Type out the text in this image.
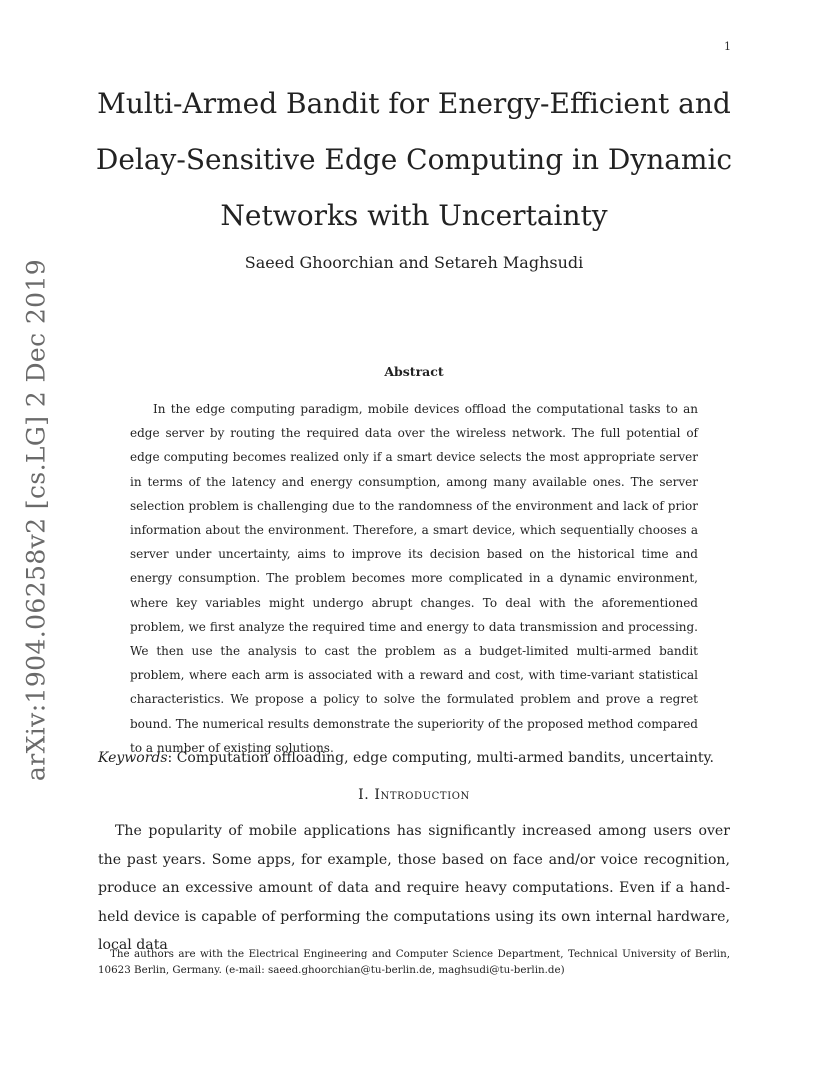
1
arXiv:1904.06258v2 [cs.LG] 2 Dec 2019
Multi-Armed Bandit for Energy-Efficient and Delay-Sensitive Edge Computing in Dynamic Networks with Uncertainty
Saeed Ghoorchian and Setareh Maghsudi
Abstract

In the edge computing paradigm, mobile devices offload the computational tasks to an edge server by routing the required data over the wireless network. The full potential of edge computing becomes realized only if a smart device selects the most appropriate server in terms of the latency and energy consumption, among many available ones. The server selection problem is challenging due to the randomness of the environment and lack of prior information about the environment. Therefore, a smart device, which sequentially chooses a server under uncertainty, aims to improve its decision based on the historical time and energy consumption. The problem becomes more complicated in a dynamic environment, where key variables might undergo abrupt changes. To deal with the aforementioned problem, we first analyze the required time and energy to data transmission and processing. We then use the analysis to cast the problem as a budget-limited multi-armed bandit problem, where each arm is associated with a reward and cost, with time-variant statistical characteristics. We propose a policy to solve the formulated problem and prove a regret bound. The numerical results demonstrate the superiority of the proposed method compared to a number of existing solutions.

Keywords: Computation offloading, edge computing, multi-armed bandits, uncertainty.
I. Introduction

The popularity of mobile applications has significantly increased among users over the past years. Some apps, for example, those based on face and/or voice recognition, produce an excessive amount of data and require heavy computations. Even if a hand-held device is capable of performing the computations using its own internal hardware, local data

The authors are with the Electrical Engineering and Computer Science Department, Technical University of Berlin, 10623 Berlin, Germany. (e-mail: saeed.ghoorchian@tu-berlin.de, maghsudi@tu-berlin.de)
